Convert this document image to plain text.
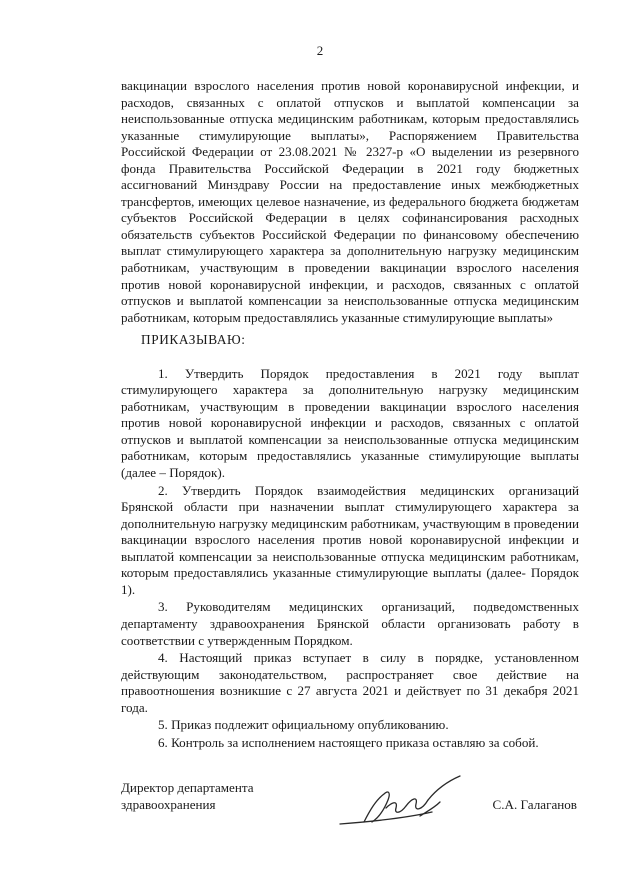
2

вакцинации взрослого населения против новой коронавирусной инфекции, и расходов, связанных с оплатой отпусков и выплатой компенсации за неиспользованные отпуска медицинским работникам, которым предоставлялись указанные стимулирующие выплаты», Распоряжением Правительства Российской Федерации от 23.08.2021 № 2327-р «О выделении из резервного фонда Правительства Российской Федерации в 2021 году бюджетных ассигнований Минздраву России на предоставление иных межбюджетных трансфертов, имеющих целевое назначение, из федерального бюджета бюджетам субъектов Российской Федерации в целях софинансирования расходных обязательств субъектов Российской Федерации по финансовому обеспечению выплат стимулирующего характера за дополнительную нагрузку медицинским работникам, участвующим в проведении вакцинации взрослого населения против новой коронавирусной инфекции, и расходов, связанных с оплатой отпусков и выплатой компенсации за неиспользованные отпуска медицинским работникам, которым предоставлялись указанные стимулирующие выплаты»

ПРИКАЗЫВАЮ:

1. Утвердить Порядок предоставления в 2021 году выплат стимулирующего характера за дополнительную нагрузку медицинским работникам, участвующим в проведении вакцинации взрослого населения против новой коронавирусной инфекции и расходов, связанных с оплатой отпусков и выплатой компенсации за неиспользованные отпуска медицинским работникам, которым предоставлялись указанные стимулирующие выплаты (далее – Порядок).

2. Утвердить Порядок взаимодействия медицинских организаций Брянской области при назначении выплат стимулирующего характера за дополнительную нагрузку медицинским работникам, участвующим в проведении вакцинации взрослого населения против новой коронавирусной инфекции и выплатой компенсации за неиспользованные отпуска медицинским работникам, которым предоставлялись указанные стимулирующие выплаты (далее- Порядок 1).

3. Руководителям медицинских организаций, подведомственных департаменту здравоохранения Брянской области организовать работу в соответствии с утвержденным Порядком.

4. Настоящий приказ вступает в силу в порядке, установленном действующим законодательством, распространяет свое действие на правоотношения возникшие с 27 августа 2021 и действует по 31 декабря 2021 года.

5. Приказ подлежит официальному опубликованию.

6. Контроль за исполнением настоящего приказа оставляю за собой.

Директор департамента

здравоохранения	С.А. Галаганов
